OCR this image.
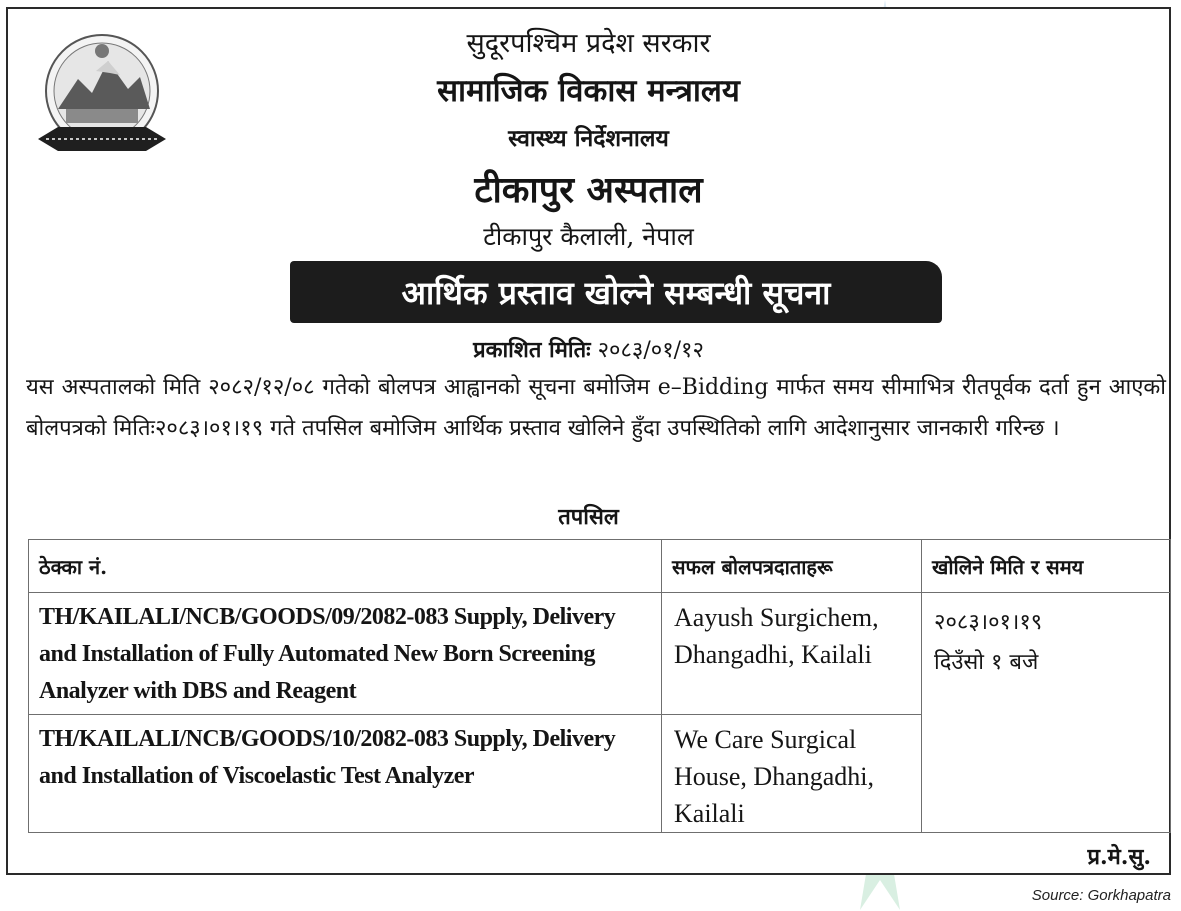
सुदूरपश्चिम प्रदेश सरकार

सामाजिक विकास मन्त्रालय

स्वास्थ्य निर्देशनालय

टीकापुर अस्पताल

टीकापुर कैलाली, नेपाल

आर्थिक प्रस्ताव खोल्ने सम्बन्धी सूचना
प्रकाशित मितिः २०८३/०१/१२

यस अस्पतालको मिति २०८२/१२/०८ गतेको बोलपत्र आह्वानको सूचना बमोजिम e–Bidding मार्फत समय सीमाभित्र रीतपूर्वक दर्ता हुन आएको बोलपत्रको मितिः२०८३।०१।१९ गते तपसिल बमोजिम आर्थिक प्रस्ताव खोलिने हुँदा उपस्थितिको लागि आदेशानुसार जानकारी गरिन्छ ।

तपसिल
ठेक्का नं.	सफल बोलपत्रदाताहरू	खोलिने मिति र समय
TH/KAILALI/NCB/GOODS/09/2082-083 Supply, Delivery and Installation of Fully Automated New Born Screening Analyzer with DBS and Reagent	Aayush Surgichem, Dhangadhi, Kailali	२०८३।०१।१९
दिउँसो १ बजे

TH/KAILALI/NCB/GOODS/10/2082-083 Supply, Delivery and Installation of Viscoelastic Test Analyzer	We Care Surgical House, Dhangadhi, Kailali	
प्र.मे.सु.
Source: Gorkhapatra
